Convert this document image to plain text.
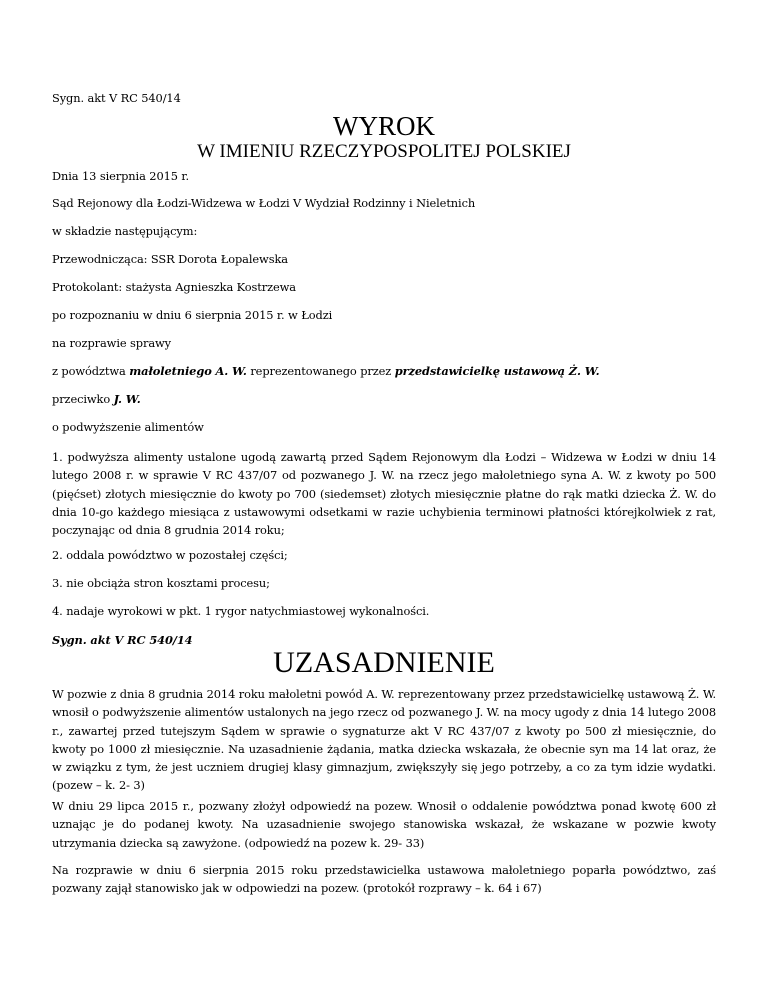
Sygn. akt V RC 540/14
WYROK
W IMIENIU RZECZYPOSPOLITEJ POLSKIEJ
Dnia 13 sierpnia 2015 r.
Sąd Rejonowy dla Łodzi-Widzewa w Łodzi V Wydział Rodzinny i Nieletnich
w składzie następującym:
Przewodnicząca: SSR Dorota Łopalewska
Protokolant: stażysta Agnieszka Kostrzewa
po rozpoznaniu w dniu 6 sierpnia 2015 r. w Łodzi
na rozprawie sprawy
z powództwa małoletniego A. W. reprezentowanego przez przedstawicielkę ustawową Ż. W.
przeciwko J. W.
o podwyższenie alimentów
1. podwyższa alimenty ustalone ugodą zawartą przed Sądem Rejonowym dla Łodzi – Widzewa w Łodzi w dniu 14 lutego 2008 r. w sprawie V RC 437/07 od pozwanego J. W. na rzecz jego małoletniego syna A. W. z kwoty po 500 (pięćset) złotych miesięcznie do kwoty po 700 (siedemset) złotych miesięcznie płatne do rąk matki dziecka Ż. W. do dnia 10-go każdego miesiąca z ustawowymi odsetkami w razie uchybienia terminowi płatności którejkolwiek z rat, poczynając od dnia 8 grudnia 2014 roku;
2. oddala powództwo w pozostałej części;
3. nie obciąża stron kosztami procesu;
4. nadaje wyrokowi w pkt. 1 rygor natychmiastowej wykonalności.
Sygn. akt V RC 540/14
UZASADNIENIE
W pozwie z dnia 8 grudnia 2014 roku małoletni powód A. W. reprezentowany przez przedstawicielkę ustawową Ż. W. wnosił o podwyższenie alimentów ustalonych na jego rzecz od pozwanego J. W. na mocy ugody z dnia 14 lutego 2008 r., zawartej przed tutejszym Sądem w sprawie o sygnaturze akt V RC 437/07 z kwoty po 500 zł miesięcznie, do kwoty po 1000 zł miesięcznie. Na uzasadnienie żądania, matka dziecka wskazała, że obecnie syn ma 14 lat oraz, że w związku z tym, że jest uczniem drugiej klasy gimnazjum, zwiększyły się jego potrzeby, a co za tym idzie wydatki. (pozew – k. 2- 3)
W dniu 29 lipca 2015 r., pozwany złożył odpowiedź na pozew. Wnosił o oddalenie powództwa ponad kwotę 600 zł uznając je do podanej kwoty. Na uzasadnienie swojego stanowiska wskazał, że wskazane w pozwie kwoty utrzymania dziecka są zawyżone. (odpowiedź na pozew k. 29- 33)
Na rozprawie w dniu 6 sierpnia 2015 roku przedstawicielka ustawowa małoletniego poparła powództwo, zaś pozwany zajął stanowisko jak w odpowiedzi na pozew. (protokół rozprawy – k. 64 i 67)
